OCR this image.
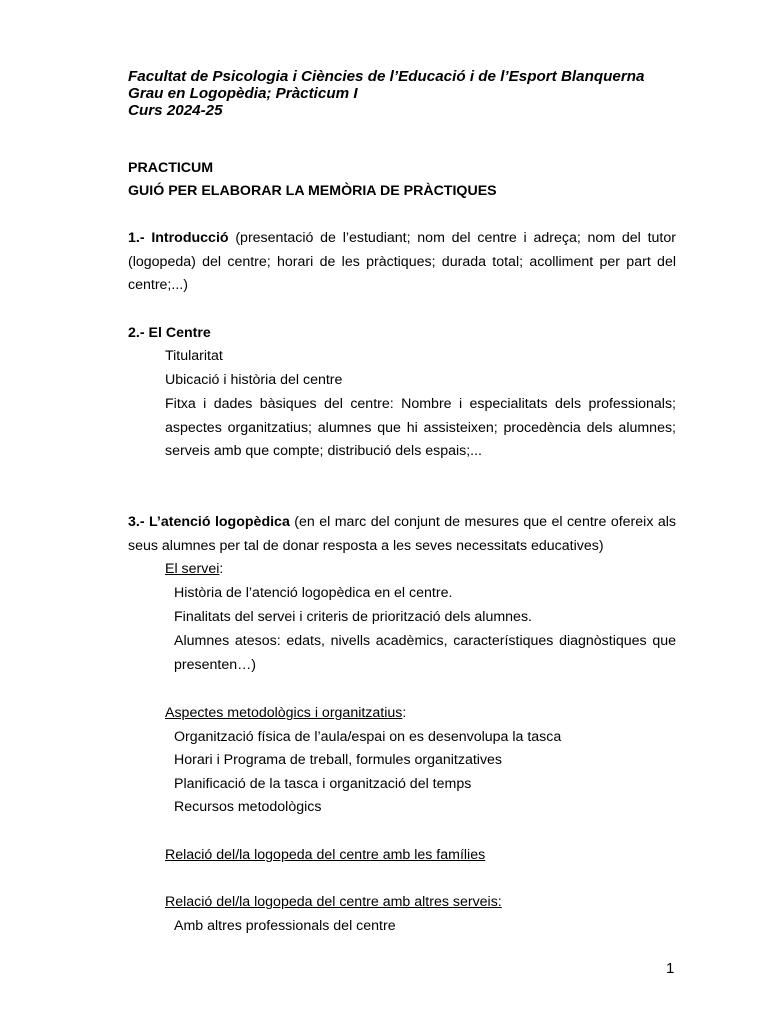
Facultat de Psicologia i Ciències de l’Educació i de l’Esport Blanquerna
Grau en Logopèdia; Pràcticum I
Curs 2024-25
PRACTICUM
GUIÓ PER ELABORAR LA MEMÒRIA DE PRÀCTIQUES
1.- Introducció (presentació de l’estudiant; nom del centre i adreça; nom del tutor (logopeda) del centre; horari de les pràctiques; durada total; acolliment per part del centre;...)
2.- El Centre
Titularitat
Ubicació i història del centre
Fitxa i dades bàsiques del centre: Nombre i especialitats dels professionals; aspectes organitzatius; alumnes que hi assisteixen; procedència dels alumnes; serveis amb que compte; distribució dels espais;...
3.- L’atenció logopèdica (en el marc del conjunt de mesures que el centre ofereix als seus alumnes per tal de donar resposta a les seves necessitats educatives)
El servei:
Història de l’atenció logopèdica en el centre.
Finalitats del servei i criteris de priorització dels alumnes.
Alumnes atesos: edats, nivells acadèmics, característiques diagnòstiques que presenten…)
Aspectes metodològics i organitzatius:
Organització física de l’aula/espai on es desenvolupa la tasca
Horari i Programa de treball, formules organitzatives
Planificació de la tasca i organització del temps
Recursos metodològics
Relació del/la logopeda del centre amb les famílies
Relació del/la logopeda del centre amb altres serveis:
Amb altres professionals del centre
1
